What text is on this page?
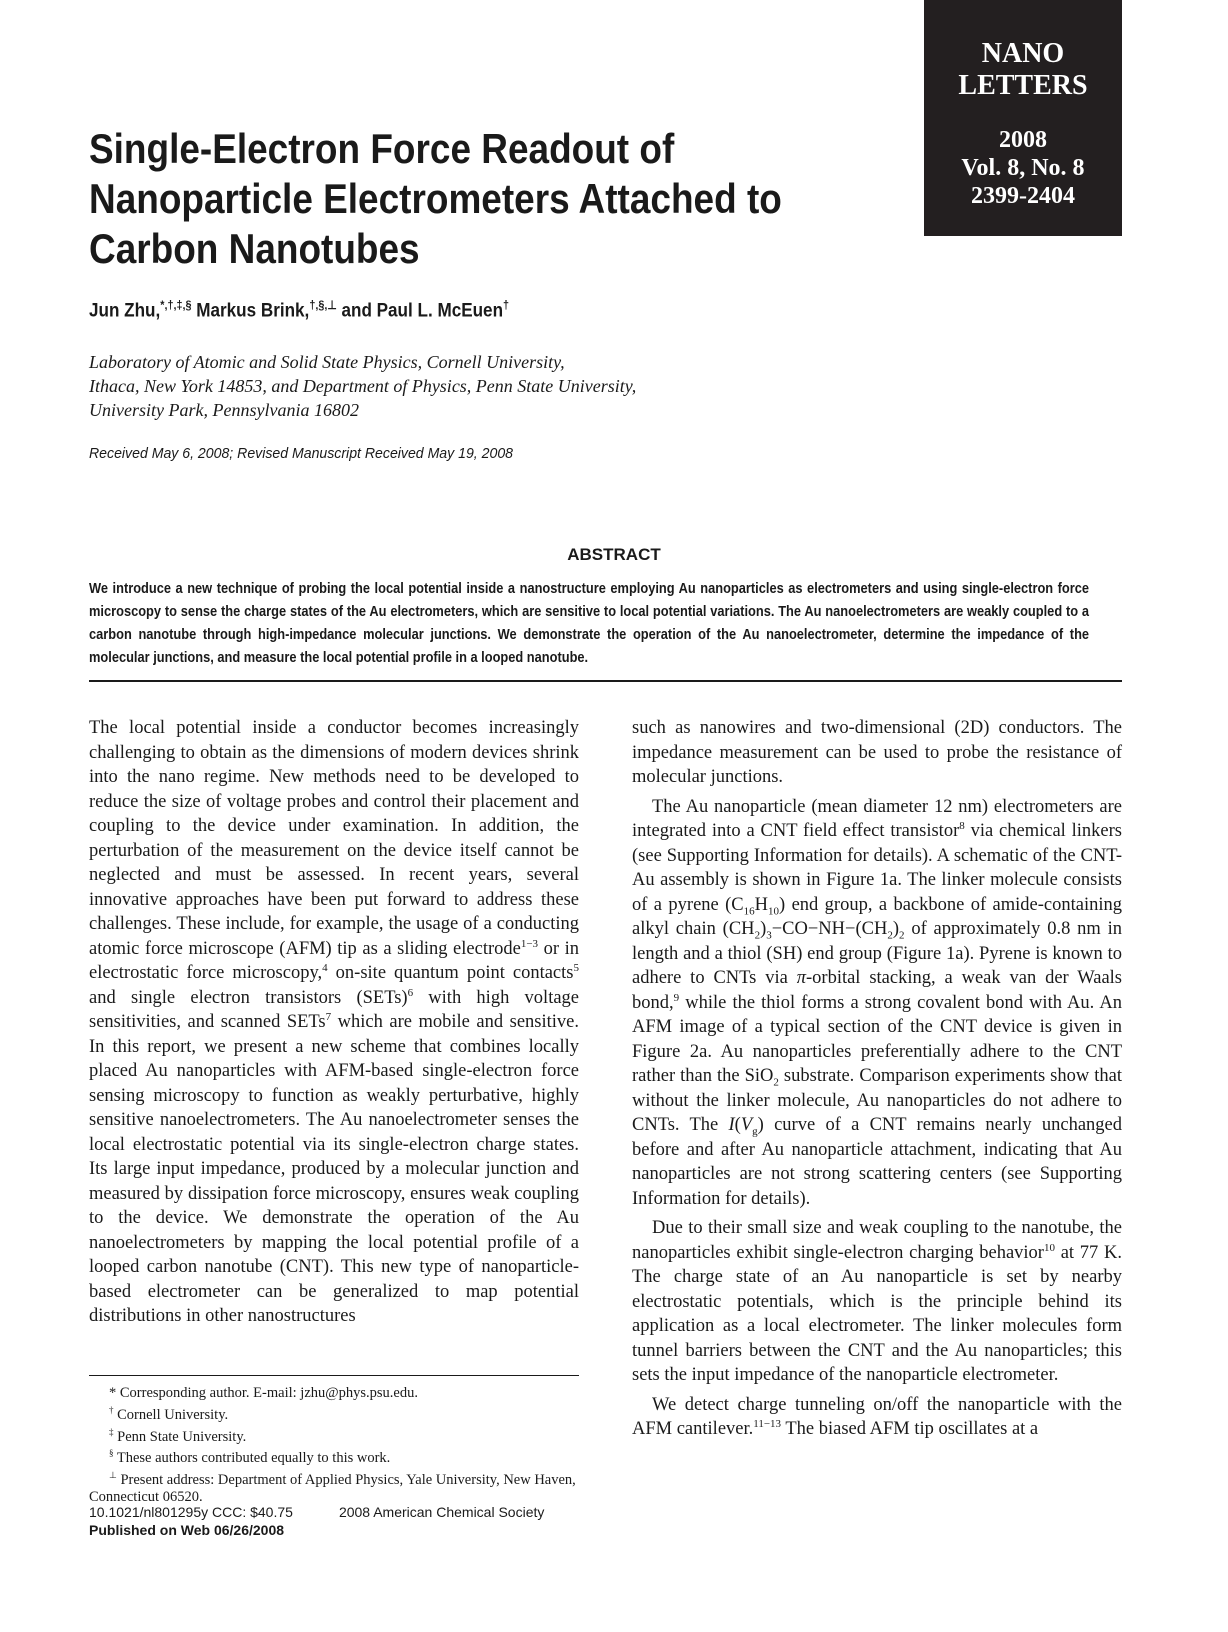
NANO
LETTERS
2008
Vol. 8, No. 8
2399-2404
Single-Electron Force Readout of
Nanoparticle Electrometers Attached to
Carbon Nanotubes
Jun Zhu,*,†,‡,§ Markus Brink,†,§,⊥ and Paul L. McEuen†
Laboratory of Atomic and Solid State Physics, Cornell University,
Ithaca, New York 14853, and Department of Physics, Penn State University,
University Park, Pennsylvania 16802
Received May 6, 2008; Revised Manuscript Received May 19, 2008
ABSTRACT
We introduce a new technique of probing the local potential inside a nanostructure employing Au nanoparticles as electrometers and using single-electron force microscopy to sense the charge states of the Au electrometers, which are sensitive to local potential variations. The Au nanoelectrometers are weakly coupled to a carbon nanotube through high-impedance molecular junctions. We demonstrate the operation of the Au nanoelectrometer, determine the impedance of the molecular junctions, and measure the local potential profile in a looped nanotube.

The local potential inside a conductor becomes increasingly challenging to obtain as the dimensions of modern devices shrink into the nano regime. New methods need to be developed to reduce the size of voltage probes and control their placement and coupling to the device under examination. In addition, the perturbation of the measurement on the device itself cannot be neglected and must be assessed. In recent years, several innovative approaches have been put forward to address these challenges. These include, for example, the usage of a conducting atomic force microscope (AFM) tip as a sliding electrode$^{1-3}$ or in electrostatic force microscopy,$^4$ on-site quantum point contacts$^5$ and single electron transistors (SETs)$^6$ with high voltage sensitivities, and scanned SETs$^7$ which are mobile and sensitive. In this report, we present a new scheme that combines locally placed Au nanoparticles with AFM-based single-electron force sensing microscopy to function as weakly perturbative, highly sensitive nanoelectrometers. The Au nanoelectrometer senses the local electrostatic potential via its single-electron charge states. Its large input impedance, produced by a molecular junction and measured by dissipation force microscopy, ensures weak coupling to the device. We demonstrate the operation of the Au nanoelectrometers by mapping the local potential profile of a looped carbon nanotube (CNT). This new type of nanoparticle-based electrometer can be generalized to map potential distributions in other nanostructures

such as nanowires and two-dimensional (2D) conductors. The impedance measurement can be used to probe the resistance of molecular junctions.

The Au nanoparticle (mean diameter 12 nm) electrometers are integrated into a CNT field effect transistor$^8$ via chemical linkers (see Supporting Information for details). A schematic of the CNT-Au assembly is shown in Figure 1a. The linker molecule consists of a pyrene $(C_{16}H_{10})$ end group, a backbone of amide-containing alkyl chain $(CH_2)_3-CO-NH-(CH_2)_2$ of approximately 0.8 nm in length and a thiol (SH) end group (Figure 1a). Pyrene is known to adhere to CNTs via π-orbital stacking, a weak van der Waals bond,$^9$ while the thiol forms a strong covalent bond with Au. An AFM image of a typical section of the CNT device is given in Figure 2a. Au nanoparticles preferentially adhere to the CNT rather than the SiO$_2$ substrate. Comparison experiments show that without the linker molecule, Au nanoparticles do not adhere to CNTs. The $I(V_g)$ curve of a CNT remains nearly unchanged before and after Au nanoparticle attachment, indicating that Au nanoparticles are not strong scattering centers (see Supporting Information for details).

Due to their small size and weak coupling to the nanotube, the nanoparticles exhibit single-electron charging behavior$^{10}$ at 77 K. The charge state of an Au nanoparticle is set by nearby electrostatic potentials, which is the principle behind its application as a local electrometer. The linker molecules form tunnel barriers between the CNT and the Au nanoparticles; this sets the input impedance of the nanoparticle electrometer.

We detect charge tunneling on/off the nanoparticle with the AFM cantilever.$^{11-13}$ The biased AFM tip oscillates at a

* Corresponding author. E-mail: jzhu@phys.psu.edu.
† Cornell University.
‡ Penn State University.
§ These authors contributed equally to this work.
⊥ Present address: Department of Applied Physics, Yale University, New Haven, Connecticut 06520.
10.1021/nl801295y CCC: $40.75	2008 American Chemical Society
Published on Web 06/26/2008
